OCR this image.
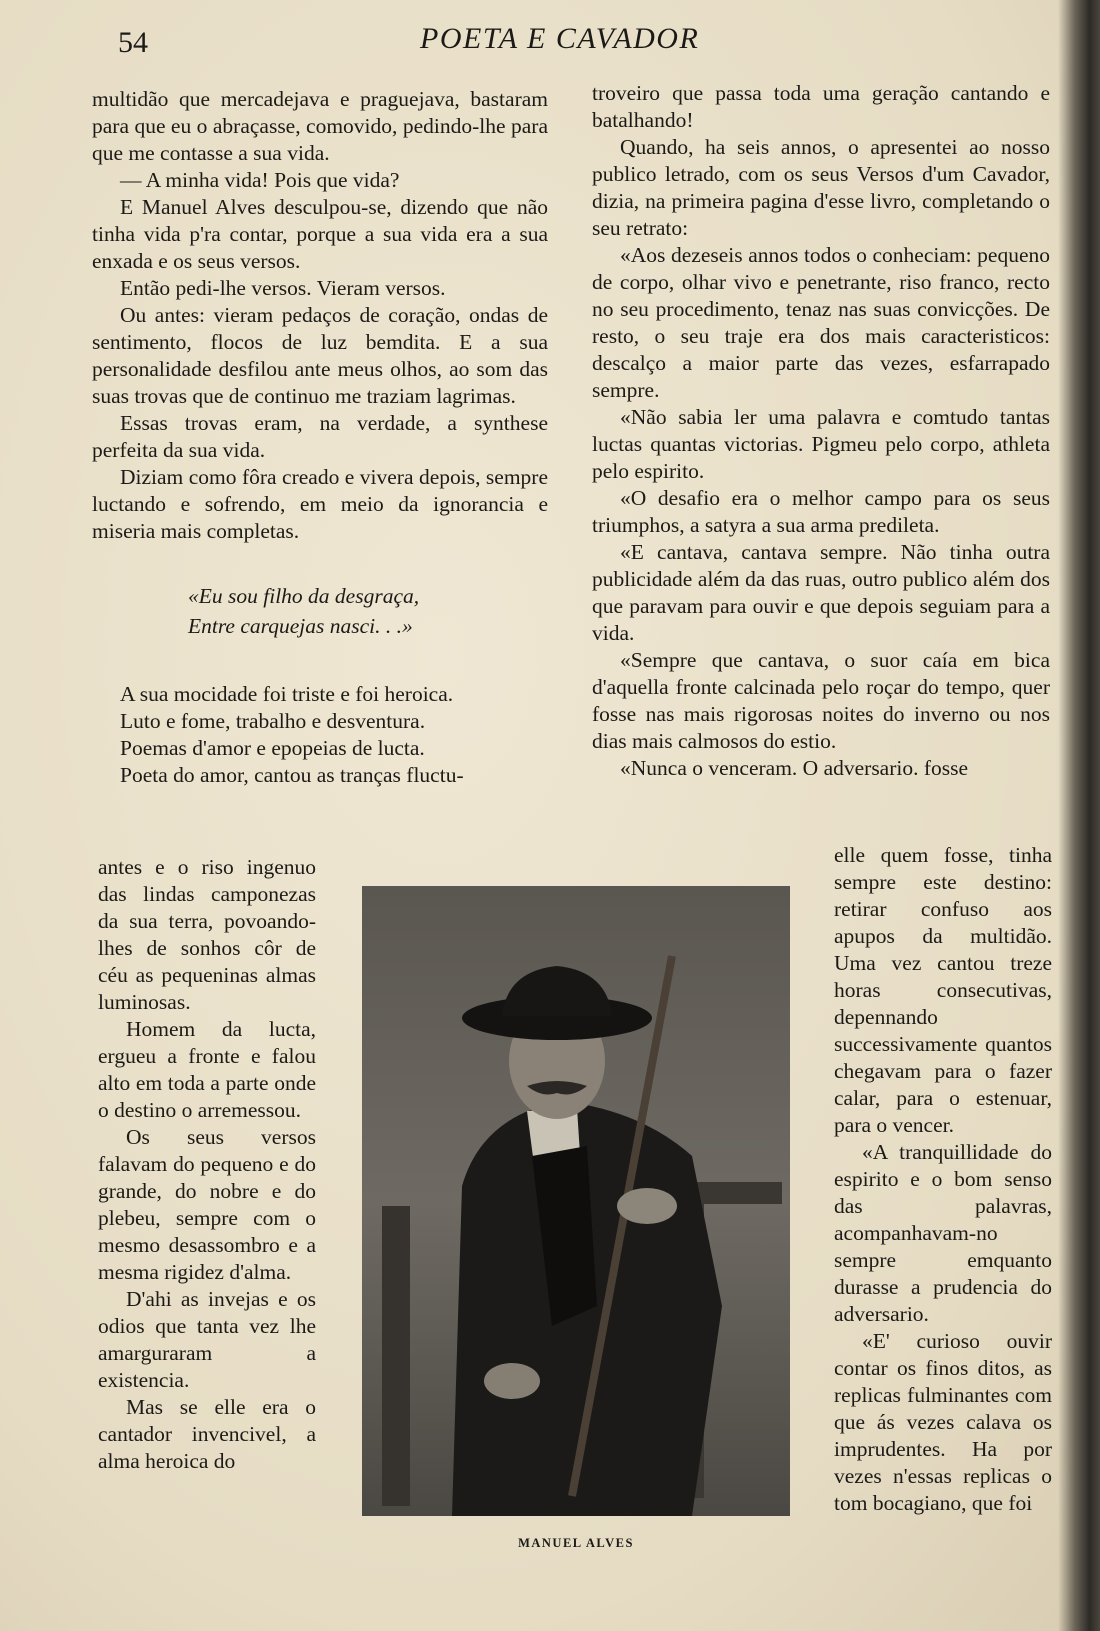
54	POETA E CAVADOR

multidão que mercadejava e praguejava, bastaram para que eu o abraçasse, comovido, pedindo-lhe para que me contasse a sua vida.

— A minha vida! Pois que vida?

E Manuel Alves desculpou-se, dizendo que não tinha vida p'ra contar, porque a sua vida era a sua enxada e os seus versos.

Então pedi-lhe versos. Vieram versos.

Ou antes: vieram pedaços de coração, ondas de sentimento, flocos de luz bemdita. E a sua personalidade desfilou ante meus olhos, ao som das suas trovas que de continuo me traziam lagrimas.

Essas trovas eram, na verdade, a synthese perfeita da sua vida.

Diziam como fôra creado e vivera depois, sempre luctando e sofrendo, em meio da ignorancia e miseria mais completas.

«Eu sou filho da desgraça,
Entre carquejas nasci. . .»

A sua mocidade foi triste e foi heroica.

Luto e fome, trabalho e desventura.

Poemas d'amor e epopeias de lucta.

Poeta do amor, cantou as tranças fluctu-

antes e o riso ingenuo das lindas camponezas da sua terra, povoando-lhes de sonhos côr de céu as pequeninas almas luminosas.

Homem da lucta, ergueu a fronte e falou alto em toda a parte onde o destino o arremessou.

Os seus versos falavam do pequeno e do grande, do nobre e do plebeu, sempre com o mesmo desassombro e a mesma rigidez d'alma.

D'ahi as invejas e os odios que tanta vez lhe amarguraram a existencia.

Mas se elle era o cantador invencivel, a alma heroica do

troveiro que passa toda uma geração cantando e batalhando!

Quando, ha seis annos, o apresentei ao nosso publico letrado, com os seus Versos d'um Cavador, dizia, na primeira pagina d'esse livro, completando o seu retrato:

«Aos dezeseis annos todos o conheciam: pequeno de corpo, olhar vivo e penetrante, riso franco, recto no seu procedimento, tenaz nas suas convicções. De resto, o seu traje era dos mais caracteristicos: descalço a maior parte das vezes, esfarrapado sempre.

«Não sabia ler uma palavra e comtudo tantas luctas quantas victorias. Pigmeu pelo corpo, athleta pelo espirito.

«O desafio era o melhor campo para os seus triumphos, a satyra a sua arma predileta.

«E cantava, cantava sempre. Não tinha outra publicidade além da das ruas, outro publico além dos que paravam para ouvir e que depois seguiam para a vida.

«Sempre que cantava, o suor caía em bica d'aquella fronte calcinada pelo roçar do tempo, quer fosse nas mais rigorosas noites do inverno ou nos dias mais calmosos do estio.

«Nunca o venceram. O adversario. fosse

elle quem fosse, tinha sempre este destino: retirar confuso aos apupos da multidão. Uma vez cantou treze horas consecutivas, depennando successivamente quantos chegavam para o fazer calar, para o estenuar, para o vencer.

«A tranquillidade do espirito e o bom senso das palavras, acompanhavam-no sempre emquanto durasse a prudencia do adversario.

«E' curioso ouvir contar os finos ditos, as replicas fulminantes com que ás vezes calava os imprudentes. Ha por vezes n'essas replicas o tom bocagiano, que foi

MANUEL ALVES
